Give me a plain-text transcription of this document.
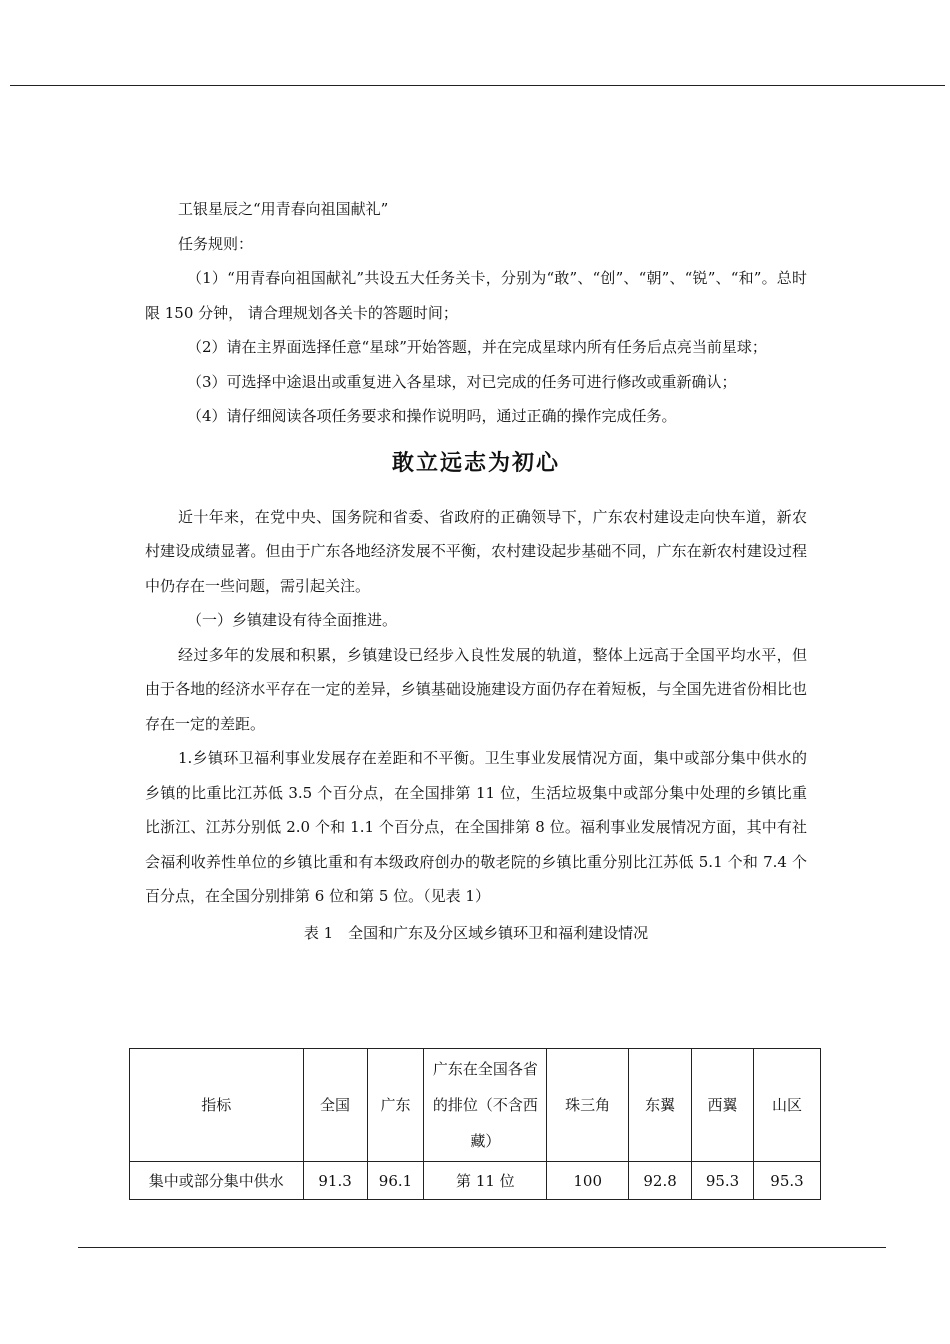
工银星辰之“用青春向祖国献礼”

任务规则：

（1）“用青春向祖国献礼”共设五大任务关卡，分别为“敢”、“创”、“朝”、“锐”、“和”。总时限 150 分钟， 请合理规划各关卡的答题时间；

（2）请在主界面选择任意“星球”开始答题，并在完成星球内所有任务后点亮当前星球；

（3）可选择中途退出或重复进入各星球，对已完成的任务可进行修改或重新确认；

（4）请仔细阅读各项任务要求和操作说明吗，通过正确的操作完成任务。

敢立远志为初心

近十年来，在党中央、国务院和省委、省政府的正确领导下，广东农村建设走向快车道，新农村建设成绩显著。但由于广东各地经济发展不平衡，农村建设起步基础不同，广东在新农村建设过程中仍存在一些问题，需引起关注。

（一）乡镇建设有待全面推进。

经过多年的发展和积累，乡镇建设已经步入良性发展的轨道，整体上远高于全国平均水平，但由于各地的经济水平存在一定的差异，乡镇基础设施建设方面仍存在着短板，与全国先进省份相比也存在一定的差距。

1.乡镇环卫福利事业发展存在差距和不平衡。卫生事业发展情况方面，集中或部分集中供水的乡镇的比重比江苏低 3.5 个百分点，在全国排第 11 位，生活垃圾集中或部分集中处理的乡镇比重比浙江、江苏分别低 2.0 个和 1.1 个百分点，在全国排第 8 位。福利事业发展情况方面，其中有社会福利收养性单位的乡镇比重和有本级政府创办的敬老院的乡镇比重分别比江苏低 5.1 个和 7.4 个百分点，在全国分别排第 6 位和第 5 位。（见表 1）

表 1　全国和广东及分区域乡镇环卫和福利建设情况
指标	全国	广东	广东在全国各省的排位（不含西藏）	珠三角	东翼	西翼	山区
集中或部分集中供水	91.3	96.1	第 11 位	100	92.8	95.3	95.3
